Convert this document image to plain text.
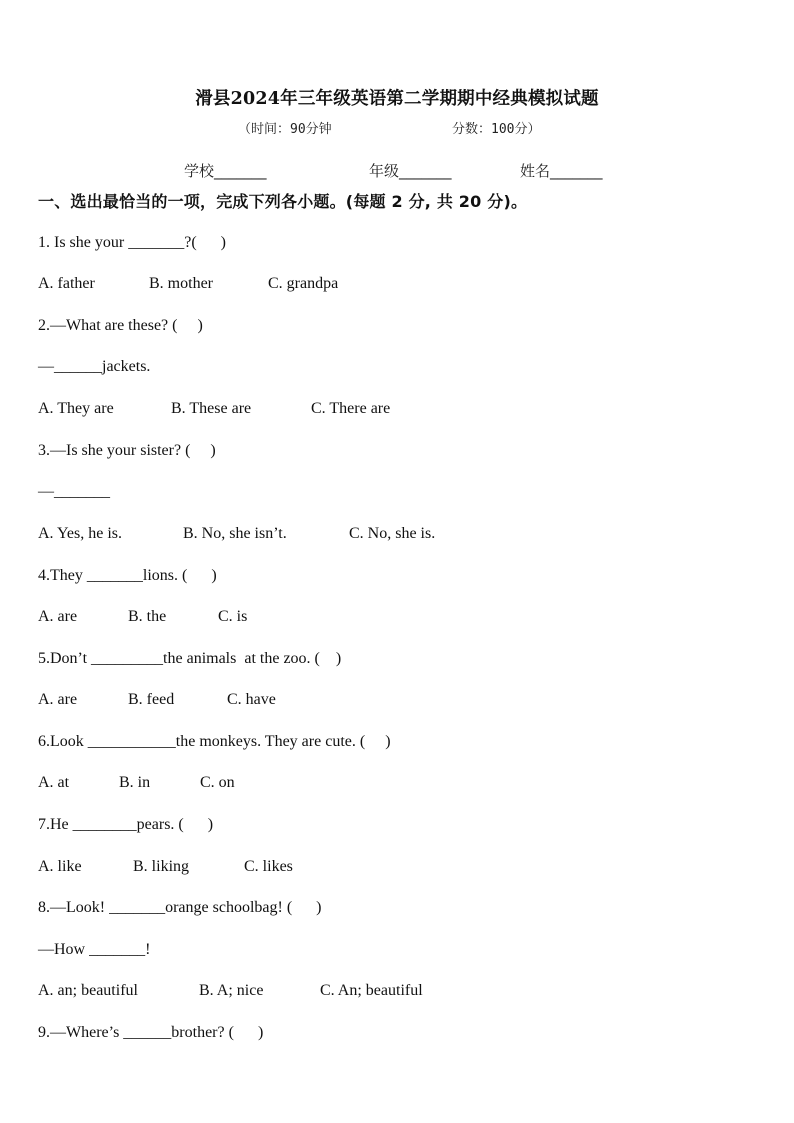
滑县2024年三年级英语第二学期期中经典模拟试题
（时间：90分钟	分数：100分）
学校_______	年级_______	姓名_______
一、选出最恰当的一项，完成下列各小题。(每题 2 分, 共 20 分)。
1. Is she your _______?(      )
A. father	B. mother	C. grandpa
2.—What are these? (     )
—______jackets.
A. They are	B. These are	C. There are
3.—Is she your sister? (     )
—_______
A. Yes, he is.	B. No, she isn’t.	C. No, she is.
4.They _______lions. (      )
A. are	B. the	C. is
5.Don’t _________the animals  at the zoo. (    )
A. are	B. feed	C. have
6.Look ___________the monkeys. They are cute. (     )
A. at	B. in	C. on
7.He ________pears. (      )
A. like	B. liking	C. likes
8.—Look! _______orange schoolbag! (      )
—How _______!
A. an; beautiful	B. A; nice	C. An; beautiful
9.—Where’s ______brother? (      )
